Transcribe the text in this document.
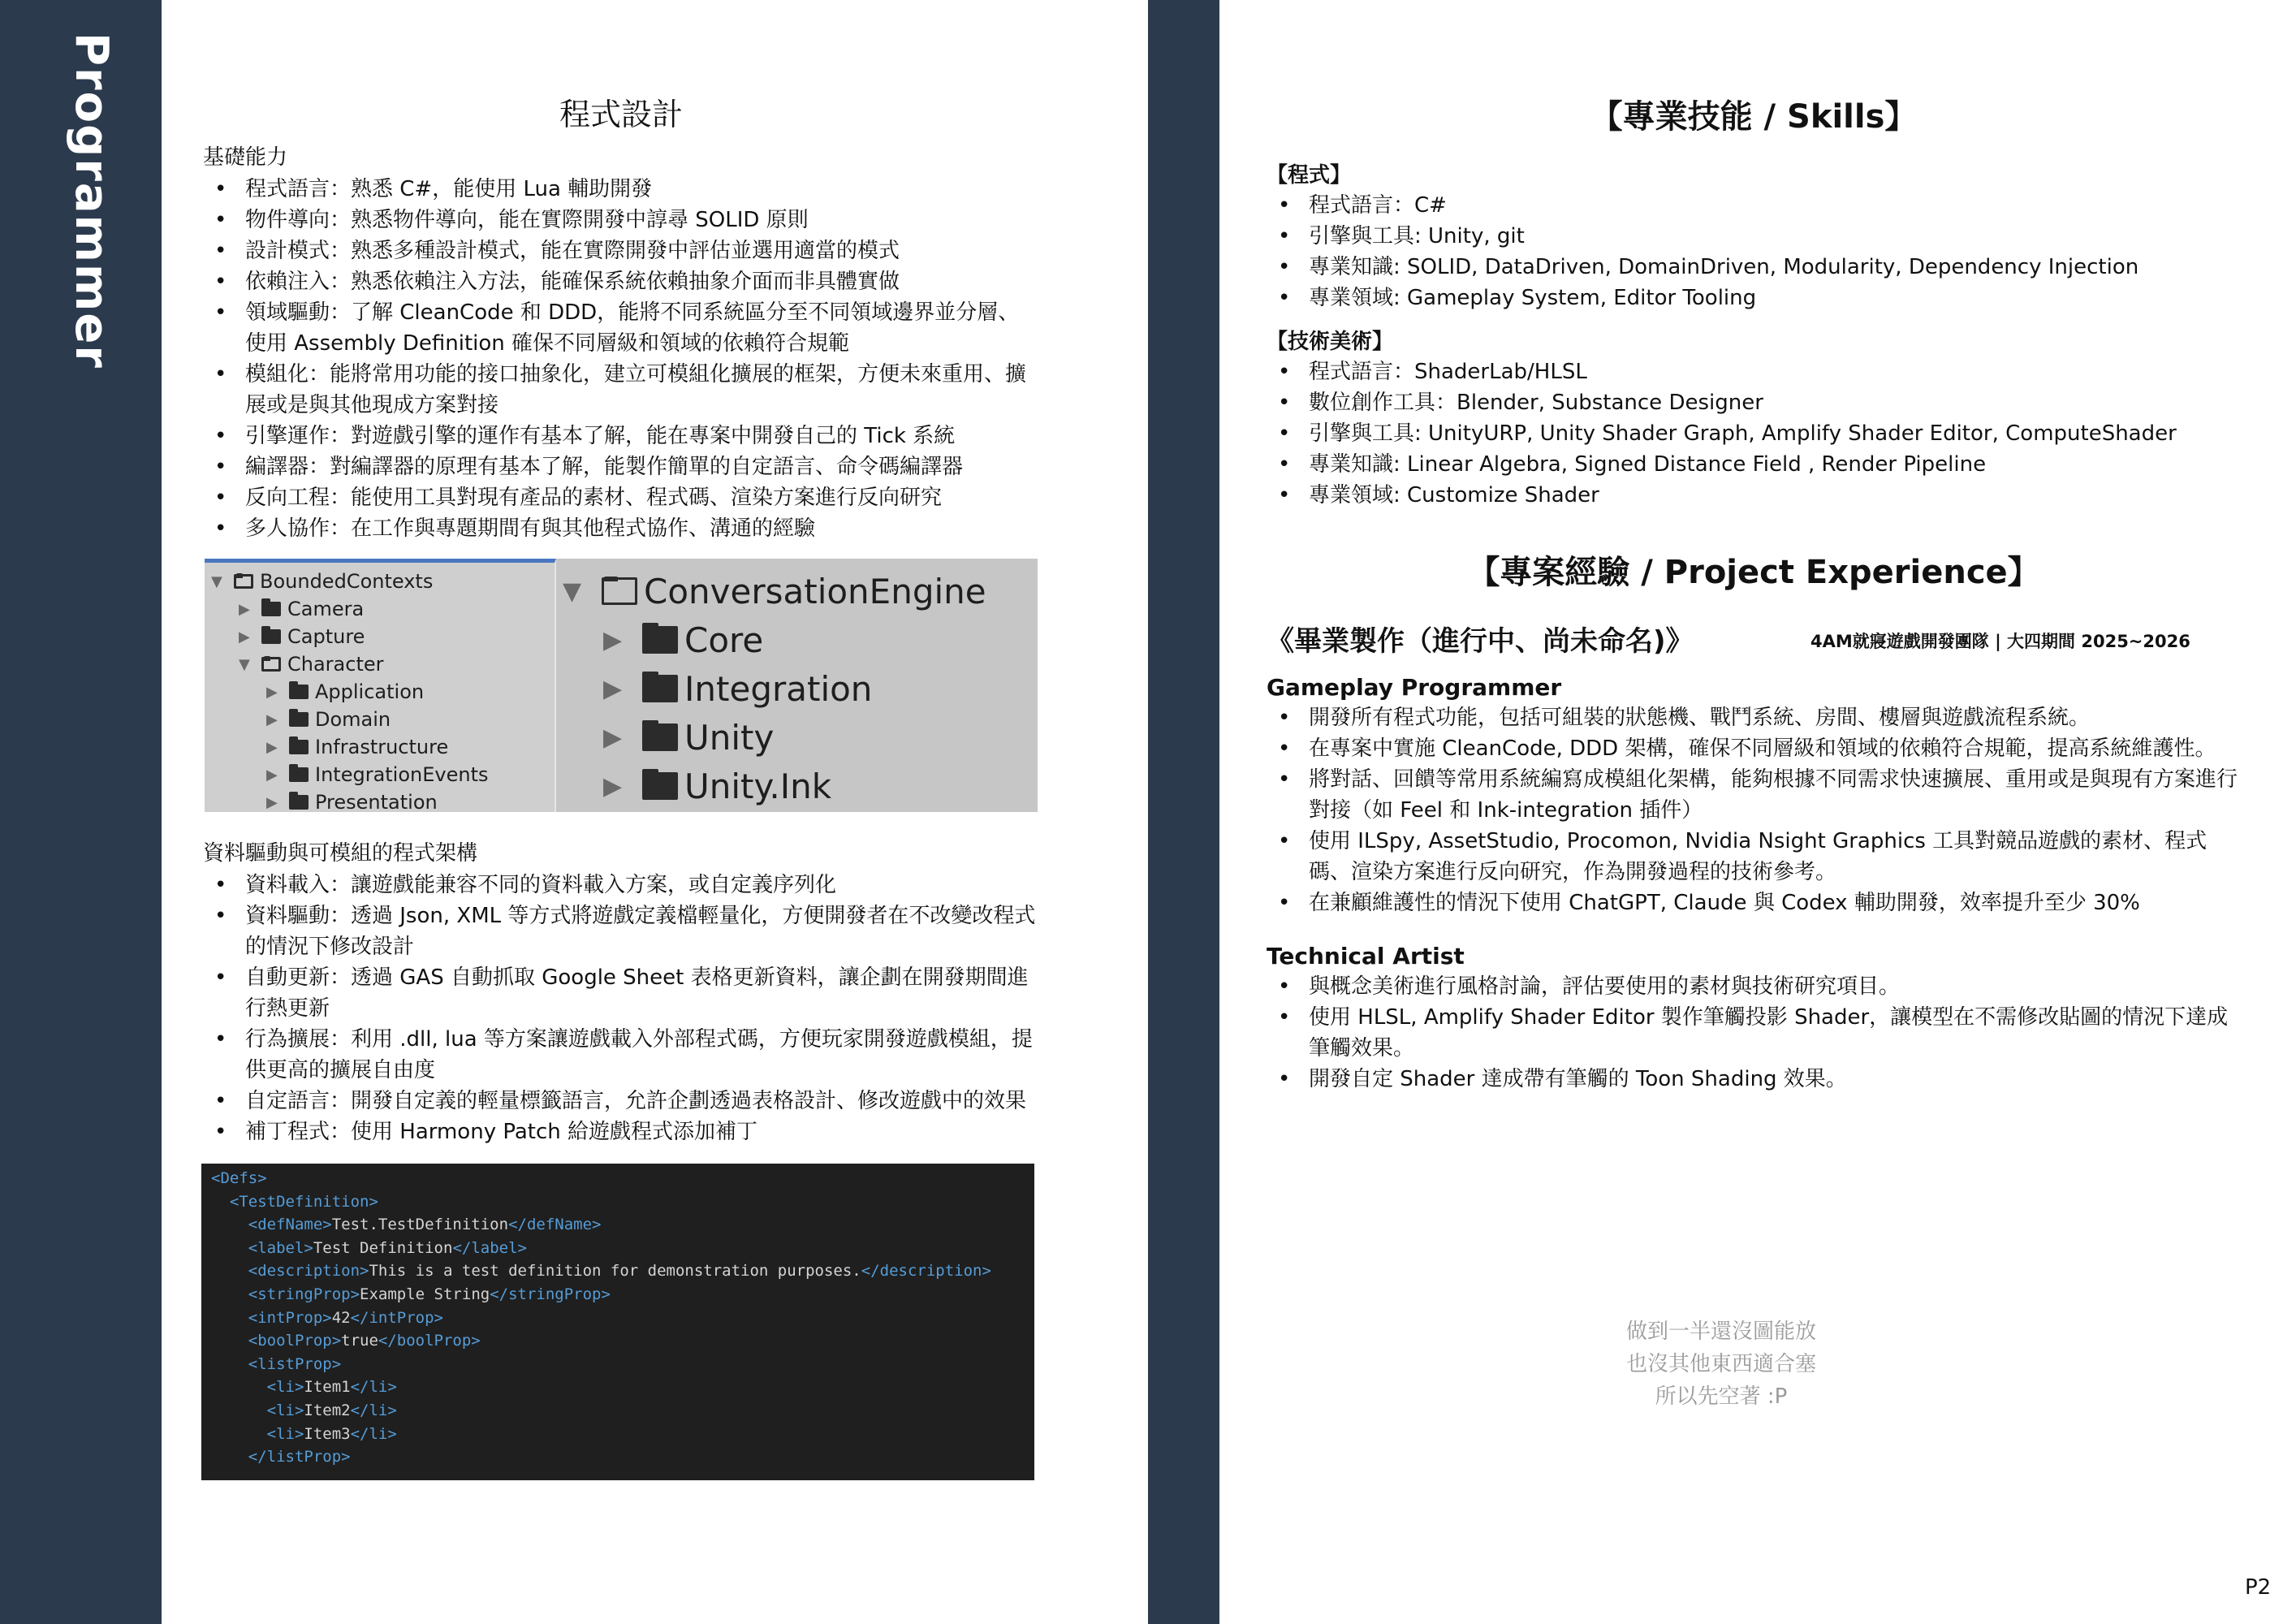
Programmer	程式設計
基礎能力
• 程式語言：熟悉 C#，能使用 Lua 輔助開發
• 物件導向：熟悉物件導向，能在實際開發中諄尋 SOLID 原則
• 設計模式：熟悉多種設計模式，能在實際開發中評估並選用適當的模式
• 依賴注入：熟悉依賴注入方法，能確保系統依賴抽象介面而非具體實做
• 領域驅動：了解 CleanCode 和 DDD，能將不同系統區分至不同領域邊界並分層、使用 Assembly Definition 確保不同層級和領域的依賴符合規範
• 模組化：能將常用功能的接口抽象化，建立可模組化擴展的框架，方便未來重用、擴展或是與其他現成方案對接
• 引擎運作：對遊戲引擎的運作有基本了解，能在專案中開發自己的 Tick 系統
• 編譯器：對編譯器的原理有基本了解，能製作簡單的自定語言、命令碼編譯器
• 反向工程：能使用工具對現有產品的素材、程式碼、渲染方案進行反向研究
• 多人協作：在工作與專題期間有與其他程式協作、溝通的經驗
▼ BoundedContexts
▶ Camera
▶ Capture
▼ Character
▶ Application
▶ Domain
▶ Infrastructure
▶ IntegrationEvents
▶ Presentation
▼	ConversationEngine
▶	Core
▶	Integration
▶	Unity
▶	Unity.Ink
資料驅動與可模組的程式架構
• 資料載入：讓遊戲能兼容不同的資料載入方案，或自定義序列化
• 資料驅動：透過 Json, XML 等方式將遊戲定義檔輕量化，方便開發者在不改變改程式的情況下修改設計
• 自動更新：透過 GAS 自動抓取 Google Sheet 表格更新資料，讓企劃在開發期間進行熱更新
• 行為擴展：利用 .dll, lua 等方案讓遊戲載入外部程式碼，方便玩家開發遊戲模組，提供更高的擴展自由度
• 自定語言：開發自定義的輕量標籤語言，允許企劃透過表格設計、修改遊戲中的效果
• 補丁程式：使用 Harmony Patch 給遊戲程式添加補丁
<Defs>
<TestDefinition>
<defName>Test.TestDefinition</defName>
<label>Test Definition</label>
<description>This is a test definition for demonstration purposes.</description>
<stringProp>Example String</stringProp>
<intProp>42</intProp>
<boolProp>true</boolProp>
<listProp>
<li>Item1</li>
<li>Item2</li>
<li>Item3</li>
</listProp>
【專業技能 / Skills】
【程式】
• 程式語言：C#
• 引擎與工具: Unity, git
• 專業知識: SOLID, DataDriven, DomainDriven, Modularity, Dependency Injection
• 專業領域: Gameplay System, Editor Tooling
【技術美術】
• 程式語言：ShaderLab/HLSL
• 數位創作工具：Blender, Substance Designer
• 引擎與工具: UnityURP, Unity Shader Graph, Amplify Shader Editor, ComputeShader
• 專業知識: Linear Algebra, Signed Distance Field , Render Pipeline
• 專業領域: Customize Shader
【專案經驗 / Project Experience】
《畢業製作（進行中、尚未命名)》	4AM就寢遊戲開發團隊 | 大四期間 2025~2026
Gameplay Programmer
• 開發所有程式功能，包括可組裝的狀態機、戰鬥系統、房間、樓層與遊戲流程系統。
• 在專案中實施 CleanCode, DDD 架構，確保不同層級和領域的依賴符合規範，提高系統維護性。
• 將對話、回饋等常用系統編寫成模組化架構，能夠根據不同需求快速擴展、重用或是與現有方案進行對接（如 Feel 和 Ink-integration 插件）
• 使用 ILSpy, AssetStudio, Procomon, Nvidia Nsight Graphics 工具對競品遊戲的素材、程式碼、渲染方案進行反向研究，作為開發過程的技術參考。
• 在兼顧維護性的情況下使用 ChatGPT, Claude 與 Codex 輔助開發，效率提升至少 30%
Technical Artist
• 與概念美術進行風格討論，評估要使用的素材與技術研究項目。
• 使用 HLSL, Amplify Shader Editor 製作筆觸投影 Shader，讓模型在不需修改貼圖的情況下達成筆觸效果。
• 開發自定 Shader 達成帶有筆觸的 Toon Shading 效果。
做到一半還沒圖能放
也沒其他東西適合塞
所以先空著 :P
P2
